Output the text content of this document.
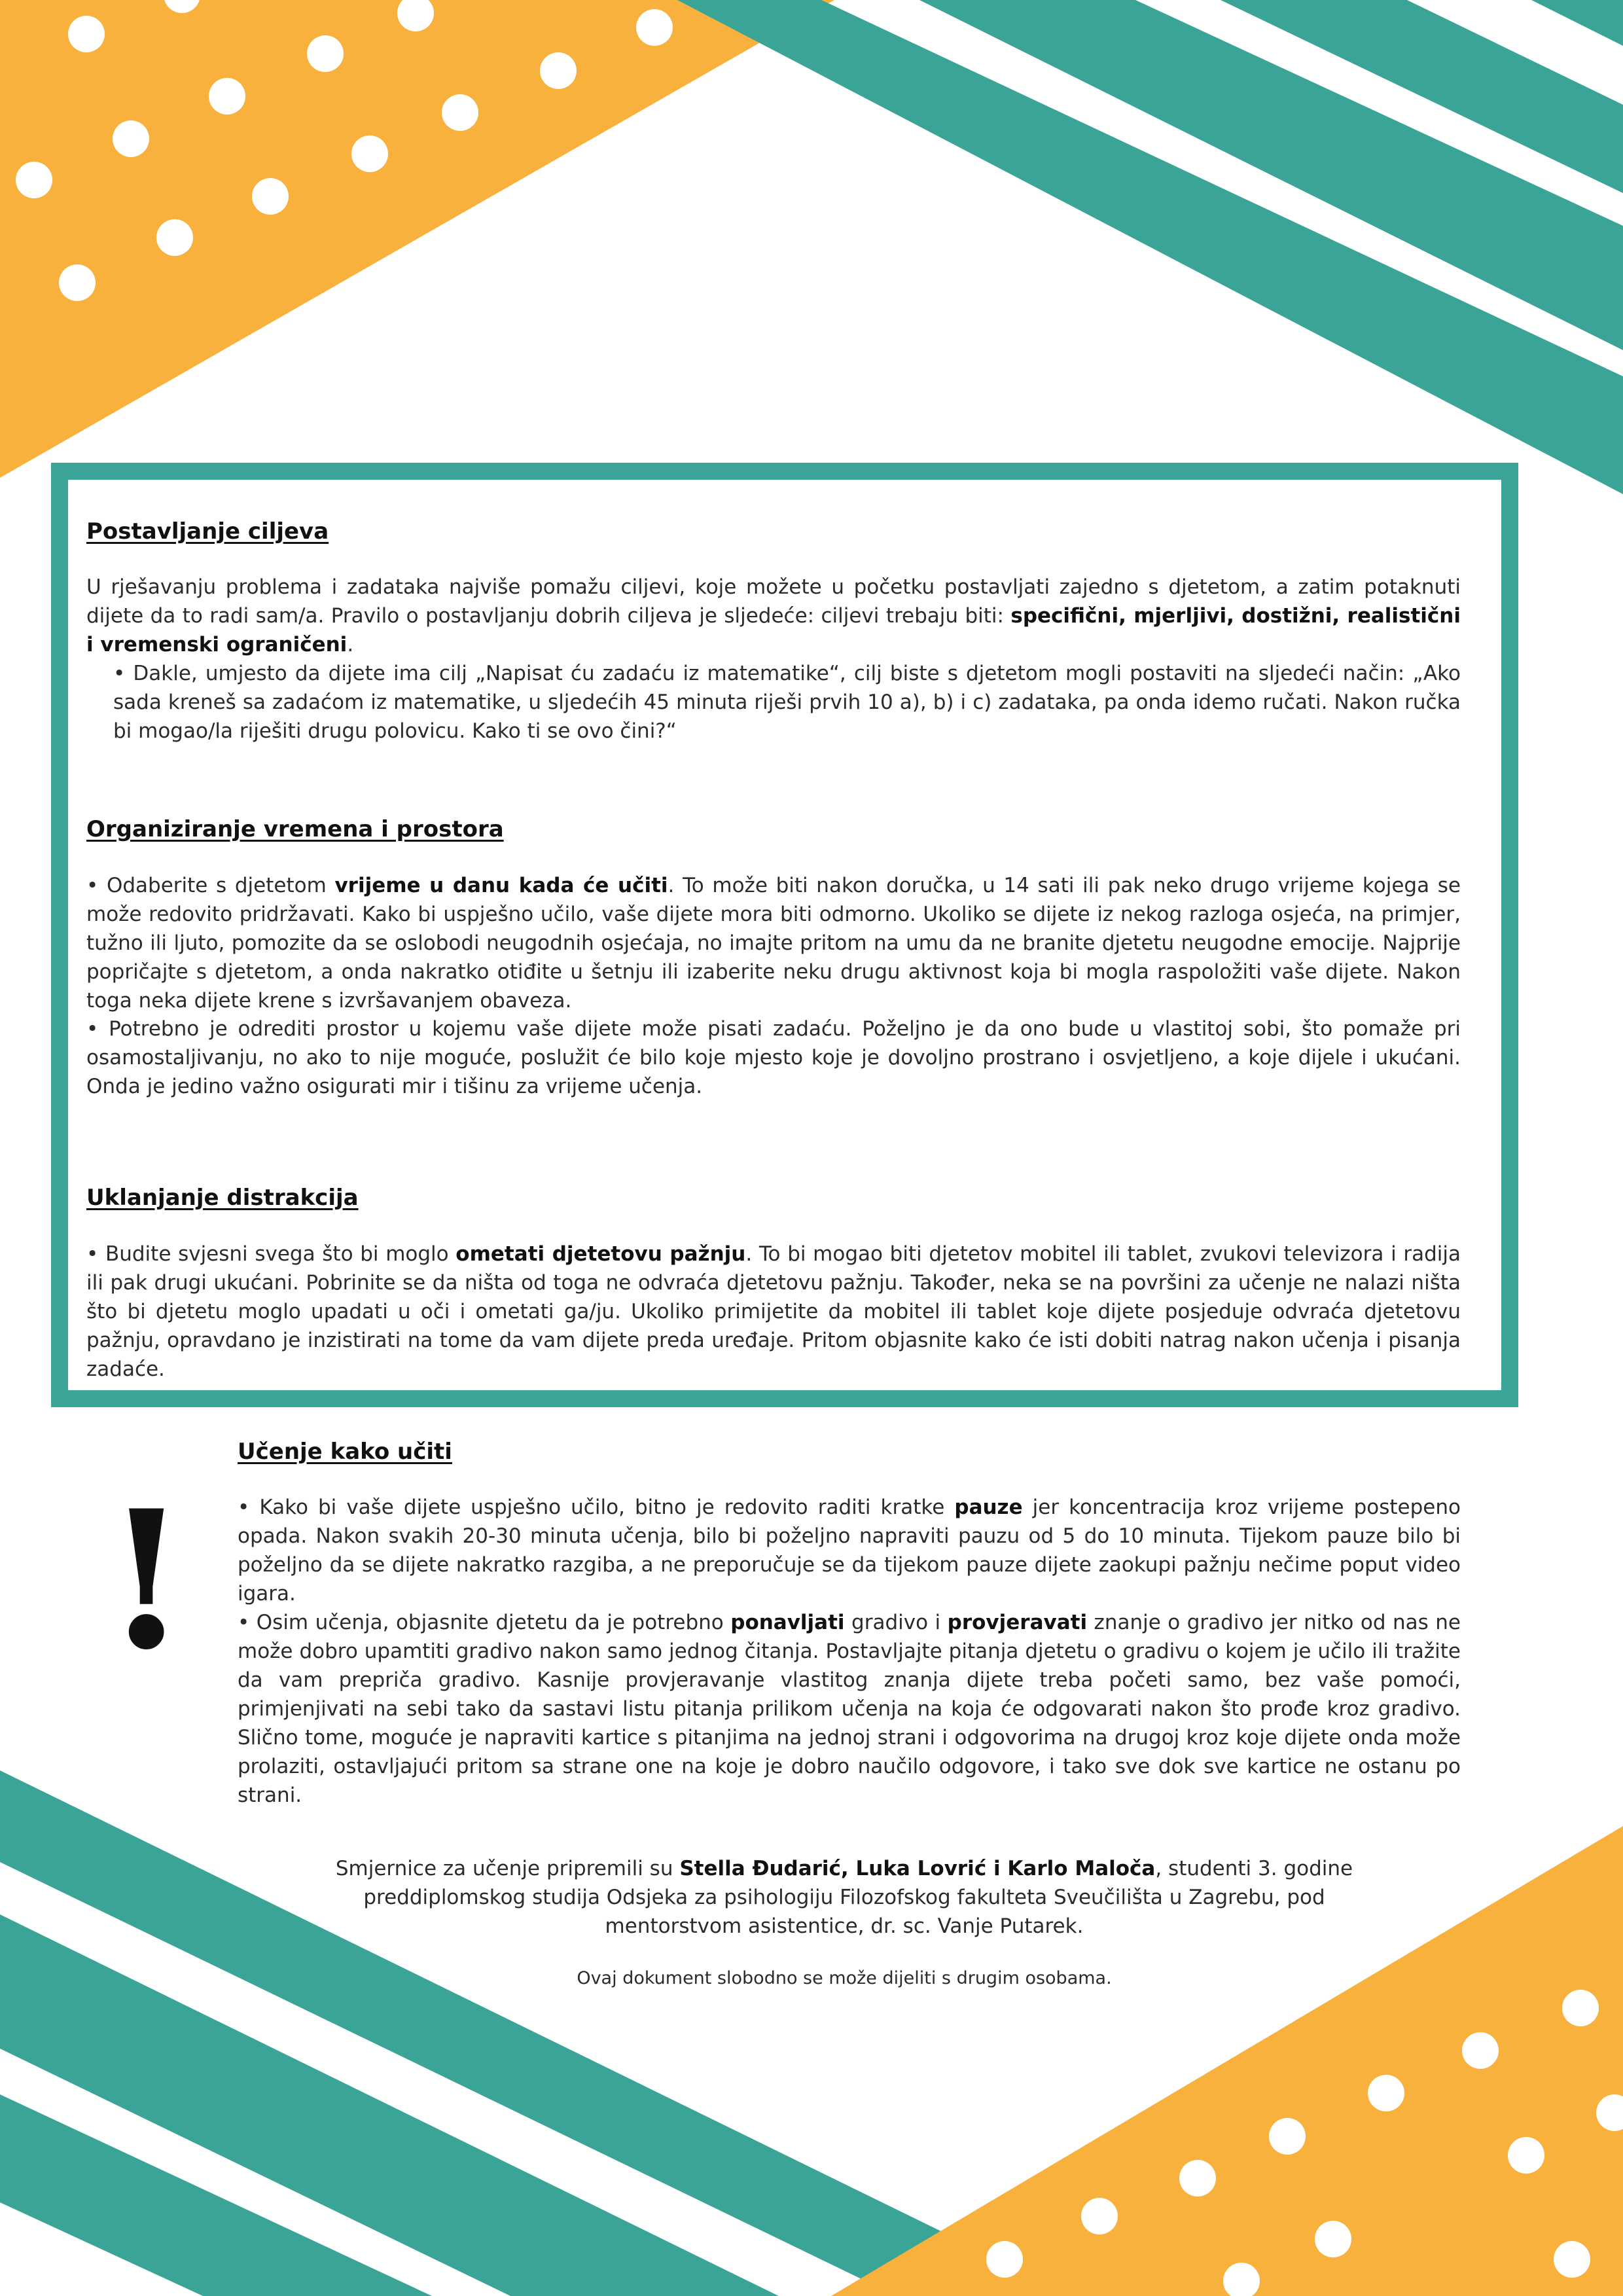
Postavljanje ciljeva

U rješavanju problema i zadataka najviše pomažu ciljevi, koje možete u početku postavljati zajedno s djetetom, a zatim potaknuti dijete da to radi sam/a. Pravilo o postavljanju dobrih ciljeva je sljedeće: ciljevi trebaju biti: specifični, mjerljivi, dostižni, realistični i vremenski ograničeni.

• Dakle, umjesto da dijete ima cilj „Napisat ću zadaću iz matematike“, cilj biste s djetetom mogli postaviti na sljedeći način: „Ako sada kreneš sa zadaćom iz matematike, u sljedećih 45 minuta riješi prvih 10 a), b) i c) zadataka, pa onda idemo ručati. Nakon ručka bi mogao/la riješiti drugu polovicu. Kako ti se ovo čini?“

Organiziranje vremena i prostora

• Odaberite s djetetom vrijeme u danu kada će učiti. To može biti nakon doručka, u 14 sati ili pak neko drugo vrijeme kojega se može redovito pridržavati. Kako bi uspješno učilo, vaše dijete mora biti odmorno. Ukoliko se dijete iz nekog razloga osjeća, na primjer, tužno ili ljuto, pomozite da se oslobodi neugodnih osjećaja, no imajte pritom na umu da ne branite djetetu neugodne emocije. Najprije popričajte s djetetom, a onda nakratko otiđite u šetnju ili izaberite neku drugu aktivnost koja bi mogla raspoložiti vaše dijete. Nakon toga neka dijete krene s izvršavanjem obaveza.

• Potrebno je odrediti prostor u kojemu vaše dijete može pisati zadaću. Poželjno je da ono bude u vlastitoj sobi, što pomaže pri osamostaljivanju, no ako to nije moguće, poslužit će bilo koje mjesto koje je dovoljno prostrano i osvjetljeno, a koje dijele i ukućani. Onda je jedino važno osigurati mir i tišinu za vrijeme učenja.

Uklanjanje distrakcija

• Budite svjesni svega što bi moglo ometati djetetovu pažnju. To bi mogao biti djetetov mobitel ili tablet, zvukovi televizora i radija ili pak drugi ukućani. Pobrinite se da ništa od toga ne odvraća djetetovu pažnju. Također, neka se na površini za učenje ne nalazi ništa što bi djetetu moglo upadati u oči i ometati ga/ju. Ukoliko primijetite da mobitel ili tablet koje dijete posjeduje odvraća djetetovu pažnju, opravdano je inzistirati na tome da vam dijete preda uređaje. Pritom objasnite kako će isti dobiti natrag nakon učenja i pisanja zadaće.

!
Učenje kako učiti

• Kako bi vaše dijete uspješno učilo, bitno je redovito raditi kratke pauze jer koncentracija kroz vrijeme postepeno opada. Nakon svakih 20-30 minuta učenja, bilo bi poželjno napraviti pauzu od 5 do 10 minuta. Tijekom pauze bilo bi poželjno da se dijete nakratko razgiba, a ne preporučuje se da tijekom pauze dijete zaokupi pažnju nečime poput video igara.

• Osim učenja, objasnite djetetu da je potrebno ponavljati gradivo i provjeravati znanje o gradivo jer nitko od nas ne može dobro upamtiti gradivo nakon samo jednog čitanja. Postavljajte pitanja djetetu o gradivu o kojem je učilo ili tražite da vam prepriča gradivo. Kasnije provjeravanje vlastitog znanja dijete treba početi samo, bez vaše pomoći, primjenjivati na sebi tako da sastavi listu pitanja prilikom učenja na koja će odgovarati nakon što prođe kroz gradivo. Slično tome, moguće je napraviti kartice s pitanjima na jednoj strani i odgovorima na drugoj kroz koje dijete onda može prolaziti, ostavljajući pritom sa strane one na koje je dobro naučilo odgovore, i tako sve dok sve kartice ne ostanu po strani.

Smjernice za učenje pripremili su Stella Đudarić, Luka Lovrić i Karlo Maloča, studenti 3. godine preddiplomskog studija Odsjeka za psihologiju Filozofskog fakulteta Sveučilišta u Zagrebu, pod mentorstvom asistentice, dr. sc. Vanje Putarek.

Ovaj dokument slobodno se može dijeliti s drugim osobama.
